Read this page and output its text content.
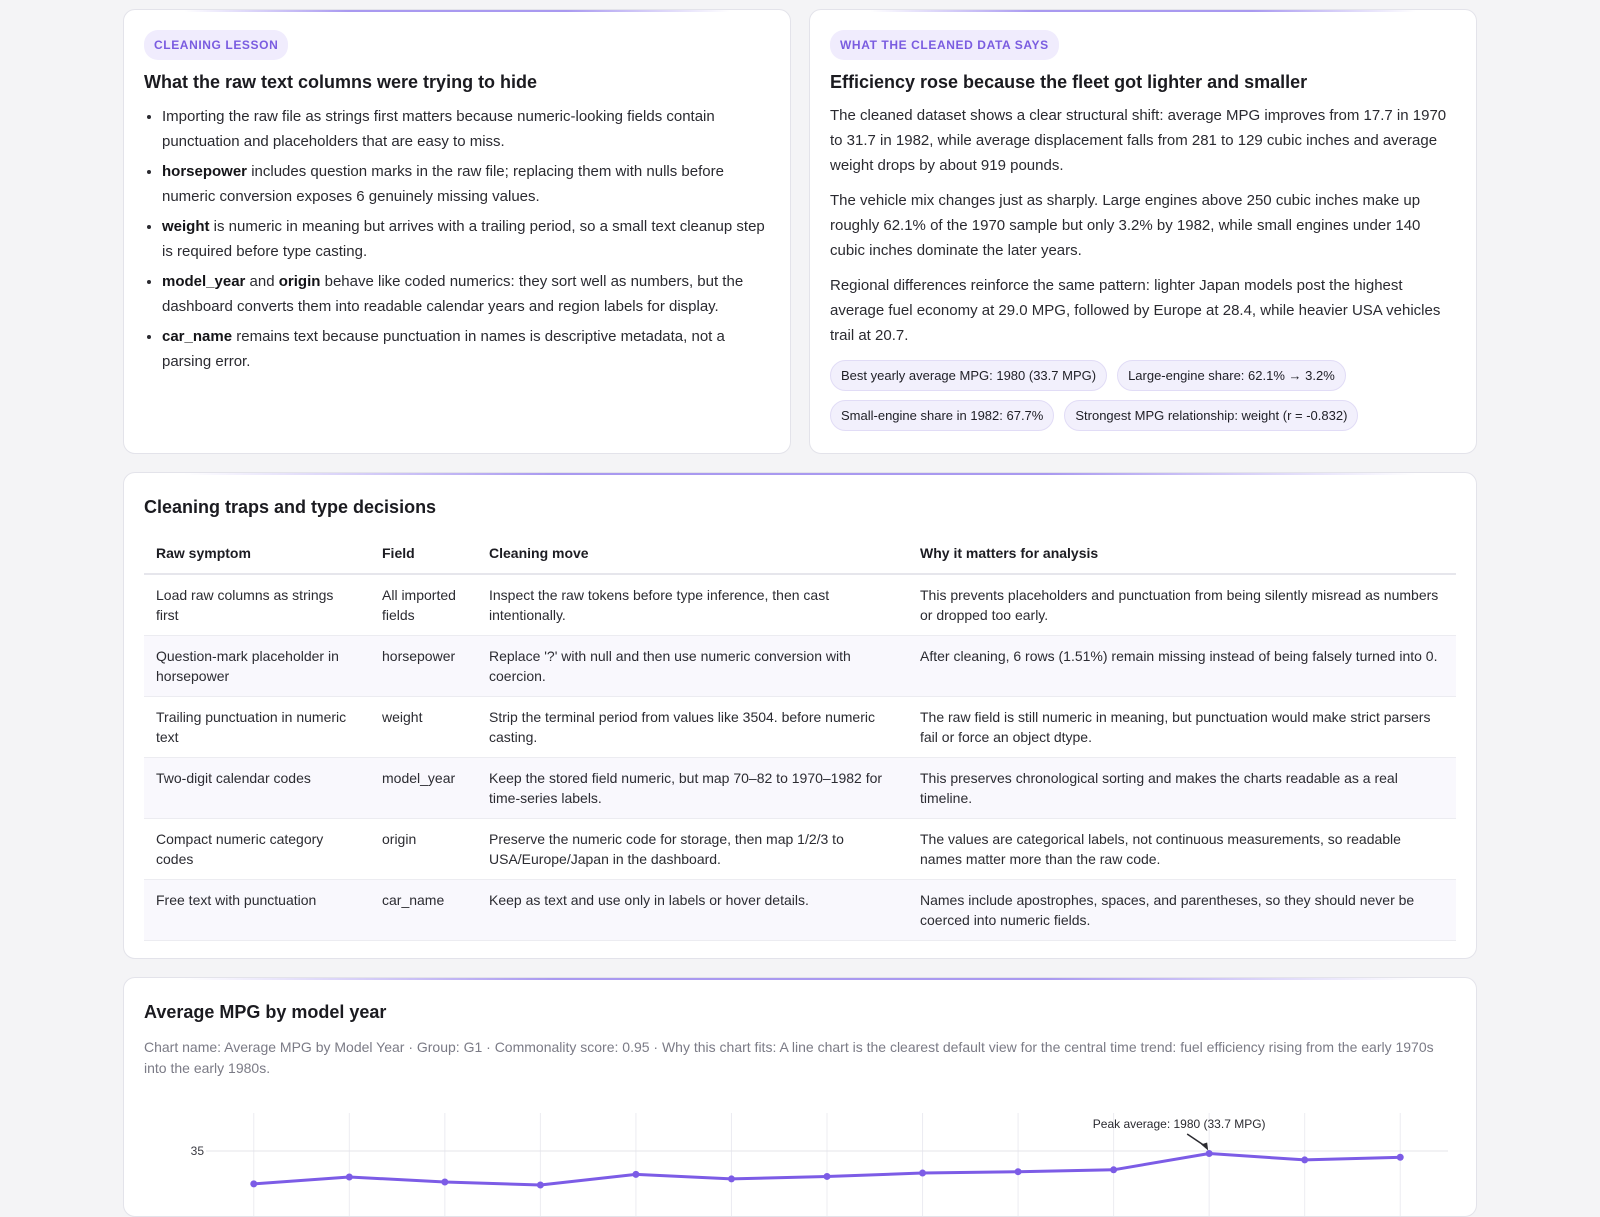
CLEANING LESSON
What the raw text columns were trying to hide
• Importing the raw file as strings first matters because numeric-looking fields contain punctuation and placeholders that are easy to miss.
• horsepower includes question marks in the raw file; replacing them with nulls before numeric conversion exposes 6 genuinely missing values.
• weight is numeric in meaning but arrives with a trailing period, so a small text cleanup step is required before type casting.
• model_year and origin behave like coded numerics: they sort well as numbers, but the dashboard converts them into readable calendar years and region labels for display.
• car_name remains text because punctuation in names is descriptive metadata, not a parsing error.
WHAT THE CLEANED DATA SAYS
Efficiency rose because the fleet got lighter and smaller

The cleaned dataset shows a clear structural shift: average MPG improves from 17.7 in 1970 to 31.7 in 1982, while average displacement falls from 281 to 129 cubic inches and average weight drops by about 919 pounds.

The vehicle mix changes just as sharply. Large engines above 250 cubic inches make up roughly 62.1% of the 1970 sample but only 3.2% by 1982, while small engines under 140 cubic inches dominate the later years.

Regional differences reinforce the same pattern: lighter Japan models post the highest average fuel economy at 29.0 MPG, followed by Europe at 28.4, while heavier USA vehicles trail at 20.7.

Best yearly average MPG: 1980 (33.7 MPG)	Large-engine share: 62.1% → 3.2%
Small-engine share in 1982: 67.7%	Strongest MPG relationship: weight (r = -0.832)
Cleaning traps and type decisions
Raw symptom	Field	Cleaning move	Why it matters for analysis
Load raw columns as strings first	All imported fields	Inspect the raw tokens before type inference, then cast intentionally.	This prevents placeholders and punctuation from being silently misread as numbers or dropped too early.
Question-mark placeholder in horsepower	horsepower	Replace '?' with null and then use numeric conversion with coercion.	After cleaning, 6 rows (1.51%) remain missing instead of being falsely turned into 0.
Trailing punctuation in numeric text	weight	Strip the terminal period from values like 3504. before numeric casting.	The raw field is still numeric in meaning, but punctuation would make strict parsers fail or force an object dtype.
Two-digit calendar codes	model_year	Keep the stored field numeric, but map 70–82 to 1970–1982 for time-series labels.	This preserves chronological sorting and makes the charts readable as a real timeline.
Compact numeric category codes	origin	Preserve the numeric code for storage, then map 1/2/3 to USA/Europe/Japan in the dashboard.	The values are categorical labels, not continuous measurements, so readable names matter more than the raw code.
Free text with punctuation	car_name	Keep as text and use only in labels or hover details.	Names include apostrophes, spaces, and parentheses, so they should never be coerced into numeric fields.
Average MPG by model year
Chart name: Average MPG by Model Year · Group: G1 · Commonality score: 0.95 · Why this chart fits: A line chart is the clearest default view for the central time trend: fuel efficiency rising from the early 1970s into the early 1980s.
35
Peak average: 1980 (33.7 MPG)
